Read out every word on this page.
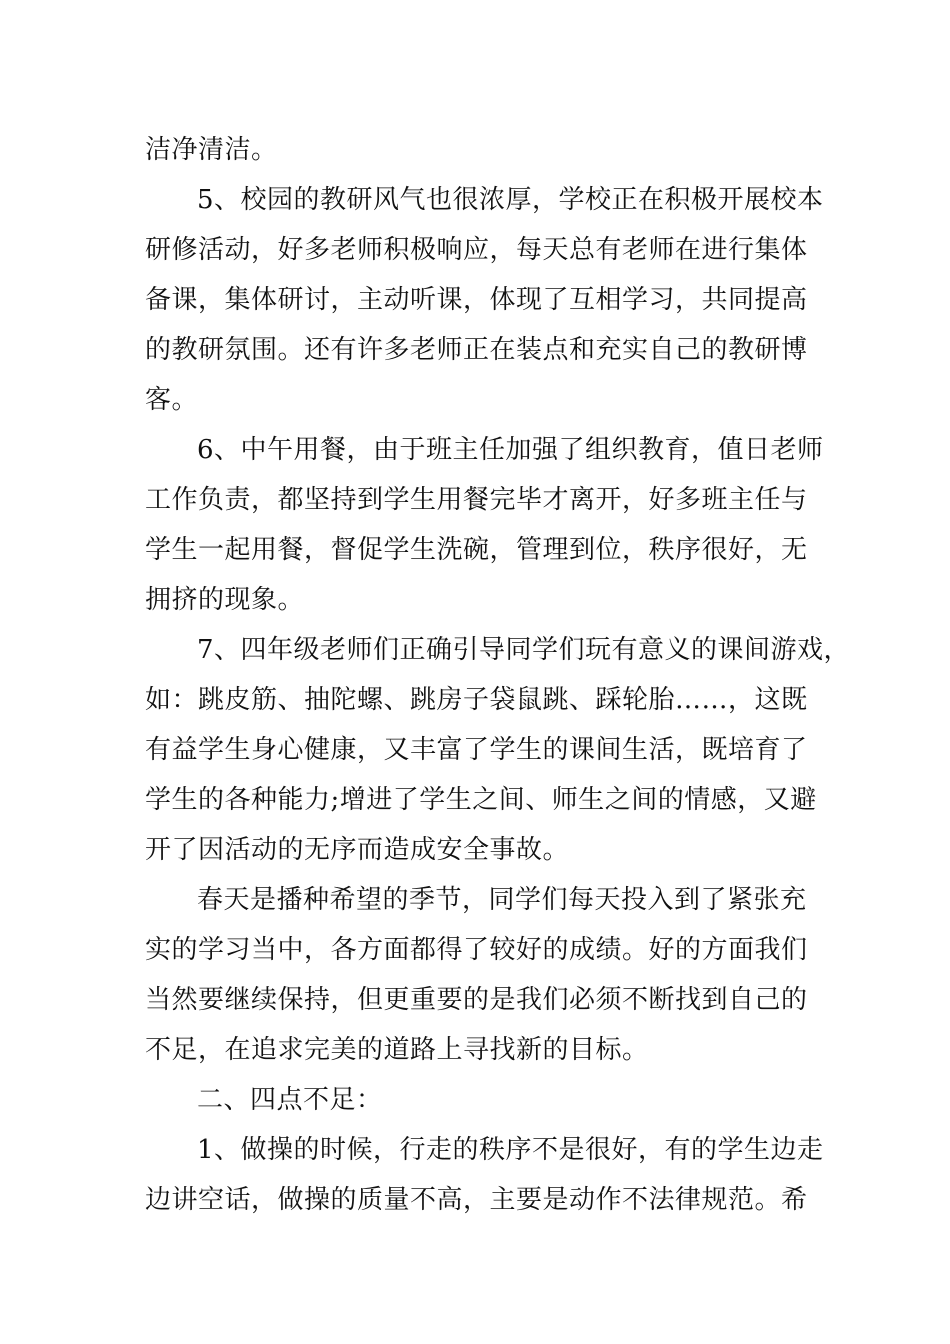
洁净清洁。
5、校园的教研风气也很浓厚，学校正在积极开展校本
研修活动，好多老师积极响应，每天总有老师在进行集体
备课，集体研讨，主动听课，体现了互相学习，共同提高
的教研氛围。还有许多老师正在装点和充实自己的教研博
客。
6、中午用餐，由于班主任加强了组织教育，值日老师
工作负责，都坚持到学生用餐完毕才离开，好多班主任与
学生一起用餐，督促学生洗碗，管理到位，秩序很好，无
拥挤的现象。
7、四年级老师们正确引导同学们玩有意义的课间游戏，
如：跳皮筋、抽陀螺、跳房子袋鼠跳、踩轮胎……，这既
有益学生身心健康，又丰富了学生的课间生活，既培育了
学生的各种能力;增进了学生之间、师生之间的情感，又避
开了因活动的无序而造成安全事故。
春天是播种希望的季节，同学们每天投入到了紧张充
实的学习当中，各方面都得了较好的成绩。好的方面我们
当然要继续保持，但更重要的是我们必须不断找到自己的
不足，在追求完美的道路上寻找新的目标。
二、四点不足：
1、做操的时候，行走的秩序不是很好，有的学生边走
边讲空话，做操的质量不高，主要是动作不法律规范。希
